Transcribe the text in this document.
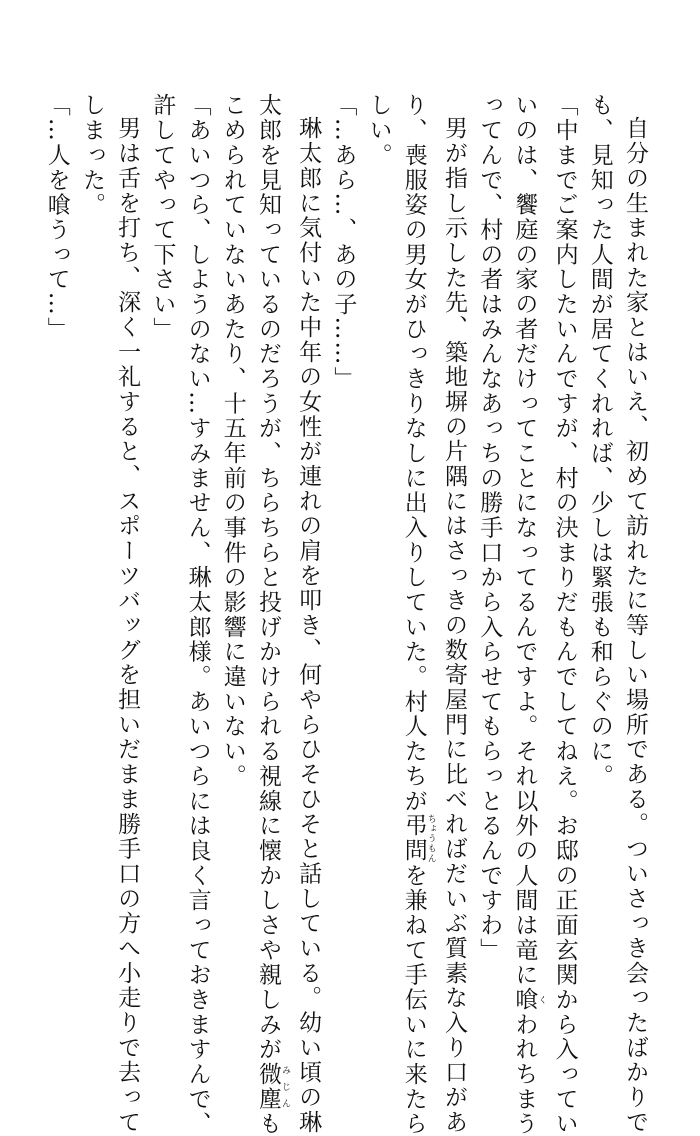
自分の生まれた家とはいえ、初めて訪れたに等しい場所である。ついさっき会ったばかりで

も、見知った人間が居てくれれば、少しは緊張も和らぐのに。

「中までご案内したいんですが、村の決まりだもんでしてねえ。お邸の正面玄関から入ってい

いのは、饗庭の家の者だけってことになってるんですよ。それ以外の人間は竜に喰 くわれちまう

ってんで、村の者はみんなあっちの勝手口から入らせてもらっとるんですわ」

男が指し示した先、築地塀の片隅にはさっきの数寄屋門に比べればだいぶ質素な入り口があ

り、喪服姿の男女がひっきりなしに出入りしていた。村人たちが弔問 ちょうもんを兼ねて手伝いに来たら

しい。

「…あら…、あの子……」

琳太郎に気付いた中年の女性が連れの肩を叩き、何やらひそひそと話している。幼い頃の琳

太郎を見知っているのだろうが、ちらちらと投げかけられる視線に懐かしさや親しみが微塵 みじんも

こめられていないあたり、十五年前の事件の影響に違いない。

「あいつら、しようのない…すみません、琳太郎様。あいつらには良く言っておきますんで、

許してやって下さい」

男は舌を打ち、深く一礼すると、スポーツバッグを担いだまま勝手口の方へ小走りで去って

しまった。

「…人を喰うって…」
